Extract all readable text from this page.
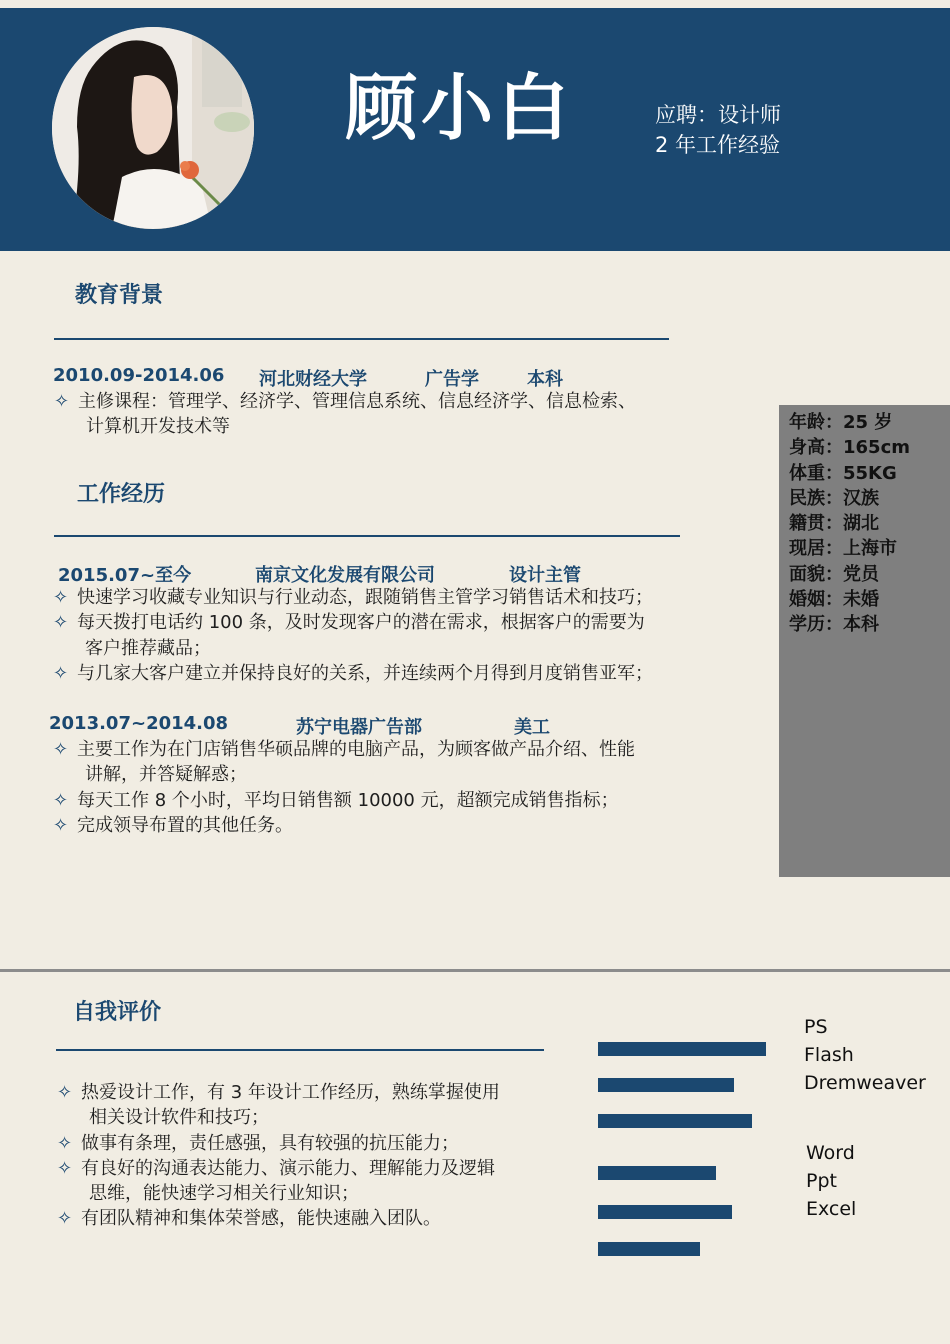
顾小白	应聘：设计师
2 年工作经验
教育背景
2010.09-2014.06 河北财经大学	广告学	本科
✧ 主修课程：管理学、经济学、管理信息系统、信息经济学、信息检索、
计算机开发技术等
工作经历
2015.07~至今	南京文化发展有限公司	设计主管
✧ 快速学习收藏专业知识与行业动态，跟随销售主管学习销售话术和技巧；
✧ 每天拨打电话约 100 条，及时发现客户的潜在需求，根据客户的需要为
客户推荐藏品；
✧ 与几家大客户建立并保持良好的关系，并连续两个月得到月度销售亚军；
2013.07~2014.08	苏宁电器广告部	美工
✧ 主要工作为在门店销售华硕品牌的电脑产品，为顾客做产品介绍、性能
讲解，并答疑解惑；
✧ 每天工作 8 个小时，平均日销售额 10000 元，超额完成销售指标；
✧ 完成领导布置的其他任务。
年龄：25 岁
身高：165cm
体重：55KG
民族：汉族
籍贯：湖北
现居：上海市
面貌：党员
婚姻：未婚
学历：本科
自我评价
✧ 热爱设计工作，有 3 年设计工作经历，熟练掌握使用
相关设计软件和技巧；
✧ 做事有条理，责任感强，具有较强的抗压能力；
✧ 有良好的沟通表达能力、演示能力、理解能力及逻辑
思维，能快速学习相关行业知识；
✧ 有团队精神和集体荣誉感，能快速融入团队。
PS
Flash
Dremweaver
Word
Ppt
Excel
